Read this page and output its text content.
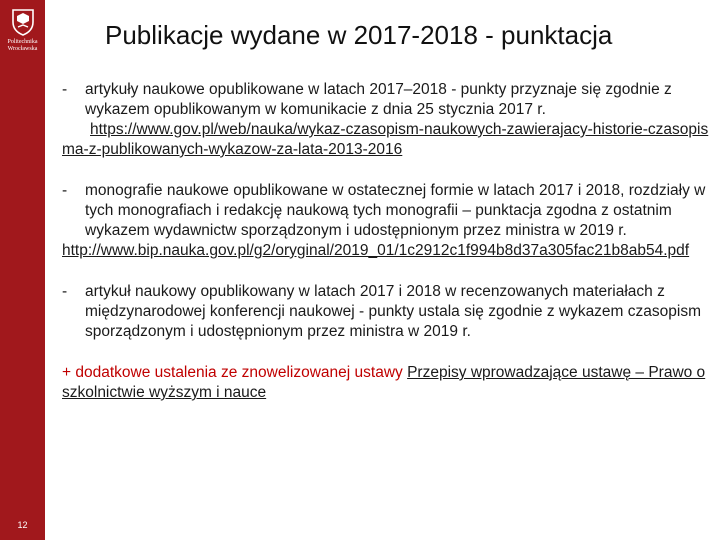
Politechnika
Wrocławska
12
Publikacje wydane w 2017-2018 - punktacja
- artykuły naukowe opublikowane w latach 2017–2018 - punkty przyznaje się zgodnie z wykazem opublikowanym w komunikacie z dnia 25 stycznia 2017 r.
https://www.gov.pl/web/nauka/wykaz-czasopism-naukowych-zawierajacy-historie-czasopisma-z-publikowanych-wykazow-za-lata-2013-2016
- monografie naukowe opublikowane w ostatecznej formie w latach 2017 i 2018, rozdziały w tych monografiach i redakcję naukową tych monografii – punktacja zgodna z ostatnim wykazem wydawnictw sporządzonym i udostępnionym przez ministra w 2019 r.
http://www.bip.nauka.gov.pl/g2/oryginal/2019_01/1c2912c1f994b8d37a305fac21b8ab54.pdf
- artykuł naukowy opublikowany w latach 2017 i 2018 w recenzowanych materiałach z międzynarodowej konferencji naukowej - punkty ustala się zgodnie z wykazem czasopism sporządzonym i udostępnionym przez ministra w 2019 r.
+ dodatkowe ustalenia ze znowelizowanej ustawy Przepisy wprowadzające ustawę – Prawo o szkolnictwie wyższym i nauce
